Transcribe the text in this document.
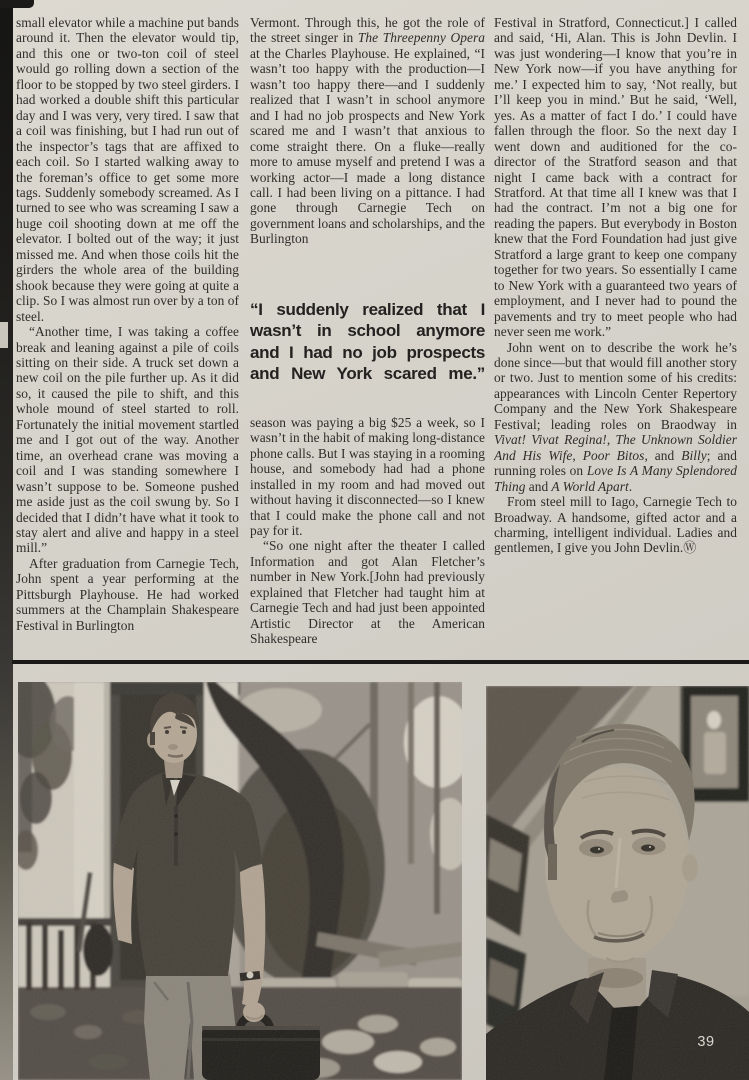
small elevator while a machine put bands around it. Then the elevator would tip, and this one or two-ton coil of steel would go rolling down a section of the floor to be stopped by two steel girders. I had worked a double shift this particular day and I was very, very tired. I saw that a coil was finishing, but I had run out of the inspector’s tags that are affixed to each coil. So I started walking away to the foreman’s office to get some more tags. Suddenly somebody screamed. As I turned to see who was screaming I saw a huge coil shooting down at me off the elevator. I bolted out of the way; it just missed me. And when those coils hit the girders the whole area of the building shook because they were going at quite a clip. So I was almost run over by a ton of steel.

“Another time, I was taking a coffee break and leaning against a pile of coils sitting on their side. A truck set down a new coil on the pile further up. As it did so, it caused the pile to shift, and this whole mound of steel started to roll. Fortunately the initial movement startled me and I got out of the way. Another time, an overhead crane was moving a coil and I was standing somewhere I wasn’t suppose to be. Someone pushed me aside just as the coil swung by. So I decided that I didn’t have what it took to stay alert and alive and happy in a steel mill.”

After graduation from Carnegie Tech, John spent a year performing at the Pittsburgh Playhouse. He had worked summers at the Champlain Shakespeare Festival in Burlington

Vermont. Through this, he got the role of the street singer in The Threepenny Opera at the Charles Playhouse. He explained, “I wasn’t too happy with the production—I wasn’t too happy there—and I suddenly realized that I wasn’t in school anymore and I had no job prospects and New York scared me and I wasn’t that anxious to come straight there. On a fluke—really more to amuse myself and pretend I was a working actor—I made a long distance call. I had been living on a pittance. I had gone through Carnegie Tech on government loans and scholarships, and the Burlington

“I suddenly realized that I
wasn’t in school anymore
and I had no job prospects
and New York scared me.”

season was paying a big $25 a week, so I wasn’t in the habit of making long-distance phone calls. But I was staying in a rooming house, and somebody had had a phone installed in my room and had moved out without having it disconnected—so I knew that I could make the phone call and not pay for it.

“So one night after the theater I called Information and got Alan Fletcher’s number in New York.[John had previously explained that Fletcher had taught him at Carnegie Tech and had just been appointed Artistic Director at the American Shakespeare

Festival in Stratford, Connecticut.] I called and said, ‘Hi, Alan. This is John Devlin. I was just wondering—I know that you’re in New York now—if you have anything for me.’ I expected him to say, ‘Not really, but I’ll keep you in mind.’ But he said, ‘Well, yes. As a matter of fact I do.’ I could have fallen through the floor. So the next day I went down and auditioned for the co-director of the Stratford season and that night I came back with a contract for Stratford. At that time all I knew was that I had the contract. I’m not a big one for reading the papers. But everybody in Boston knew that the Ford Foundation had just give Stratford a large grant to keep one company together for two years. So essentially I came to New York with a guaranteed two years of employment, and I never had to pound the pavements and try to meet people who had never seen me work.”

John went on to describe the work he’s done since—but that would fill another story or two. Just to mention some of his credits: appearances with Lincoln Center Repertory Company and the New York Shakespeare Festival; leading roles on Braodway in Vivat! Vivat Regina!, The Unknown Soldier And His Wife, Poor Bitos, and Billy; and running roles on Love Is A Many Splendored Thing and A World Apart.

From steel mill to Iago, Carnegie Tech to Broadway. A handsome, gifted actor and a charming, intelligent individual. Ladies and gentlemen, I give you John Devlin.Ⓦ

39
